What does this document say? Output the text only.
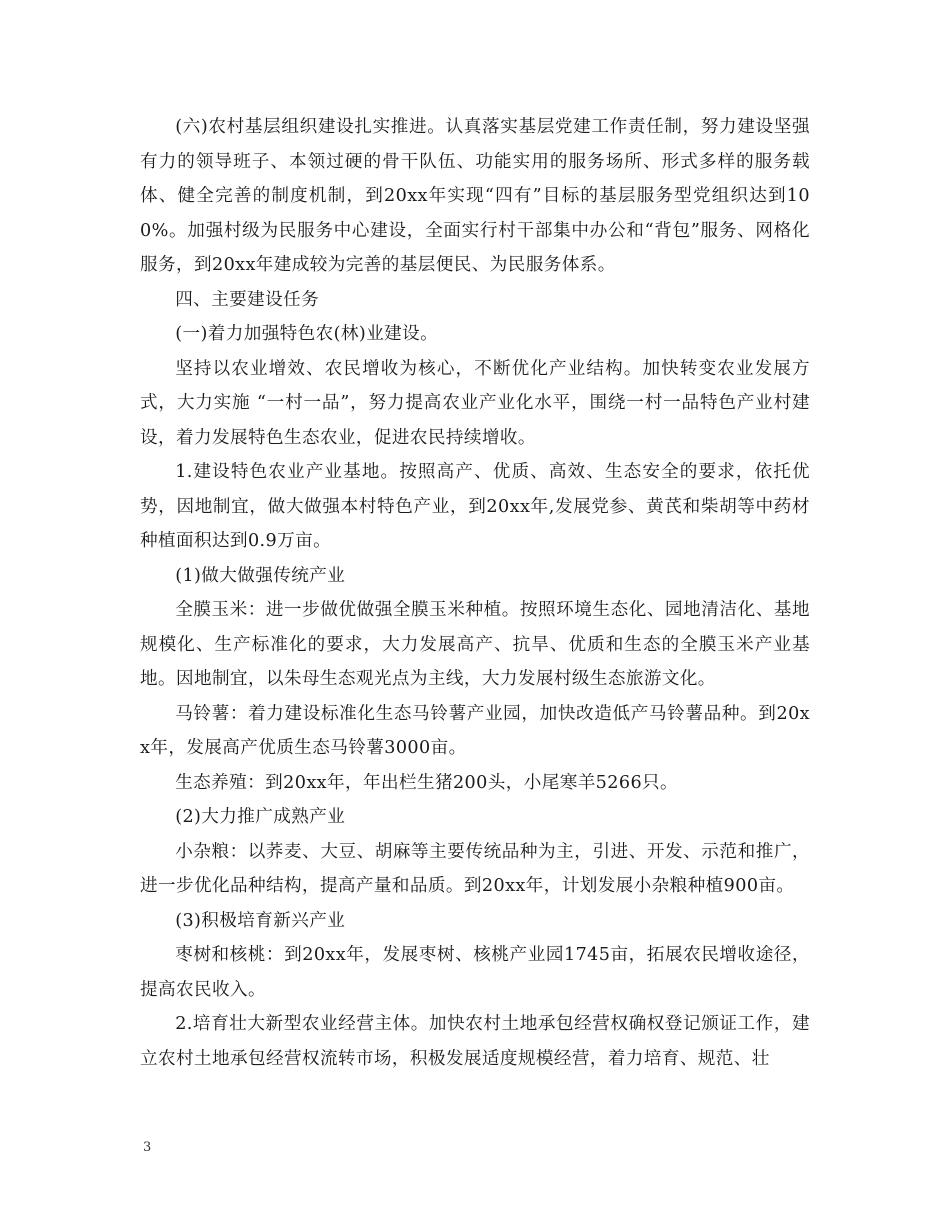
(六)农村基层组织建设扎实推进。认真落实基层党建工作责任制，努力建设坚强有力的领导班子、本领过硬的骨干队伍、功能实用的服务场所、形式多样的服务载体、健全完善的制度机制，到20xx年实现“四有”目标的基层服务型党组织达到100%。加强村级为民服务中心建设，全面实行村干部集中办公和“背包”服务、网格化服务，到20xx年建成较为完善的基层便民、为民服务体系。

四、主要建设任务

(一)着力加强特色农(林)业建设。

坚持以农业增效、农民增收为核心，不断优化产业结构。加快转变农业发展方式，大力实施 “一村一品”，努力提高农业产业化水平，围绕一村一品特色产业村建设，着力发展特色生态农业，促进农民持续增收。

1.建设特色农业产业基地。按照高产、优质、高效、生态安全的要求，依托优势，因地制宜，做大做强本村特色产业，到20xx年,发展党参、黄芪和柴胡等中药材种植面积达到0.9万亩。

(1)做大做强传统产业

全膜玉米：进一步做优做强全膜玉米种植。按照环境生态化、园地清洁化、基地规模化、生产标准化的要求，大力发展高产、抗旱、优质和生态的全膜玉米产业基地。因地制宜，以朱母生态观光点为主线，大力发展村级生态旅游文化。

马铃薯：着力建设标准化生态马铃薯产业园，加快改造低产马铃薯品种。到20xx年，发展高产优质生态马铃薯3000亩。

生态养殖：到20xx年，年出栏生猪200头，小尾寒羊5266只。

(2)大力推广成熟产业

小杂粮：以荞麦、大豆、胡麻等主要传统品种为主，引进、开发、示范和推广，进一步优化品种结构，提高产量和品质。到20xx年，计划发展小杂粮种植900亩。

(3)积极培育新兴产业

枣树和核桃：到20xx年，发展枣树、核桃产业园1745亩，拓展农民增收途径，提高农民收入。

2.培育壮大新型农业经营主体。加快农村土地承包经营权确权登记颁证工作，建立农村土地承包经营权流转市场，积极发展适度规模经营，着力培育、规范、壮

3
